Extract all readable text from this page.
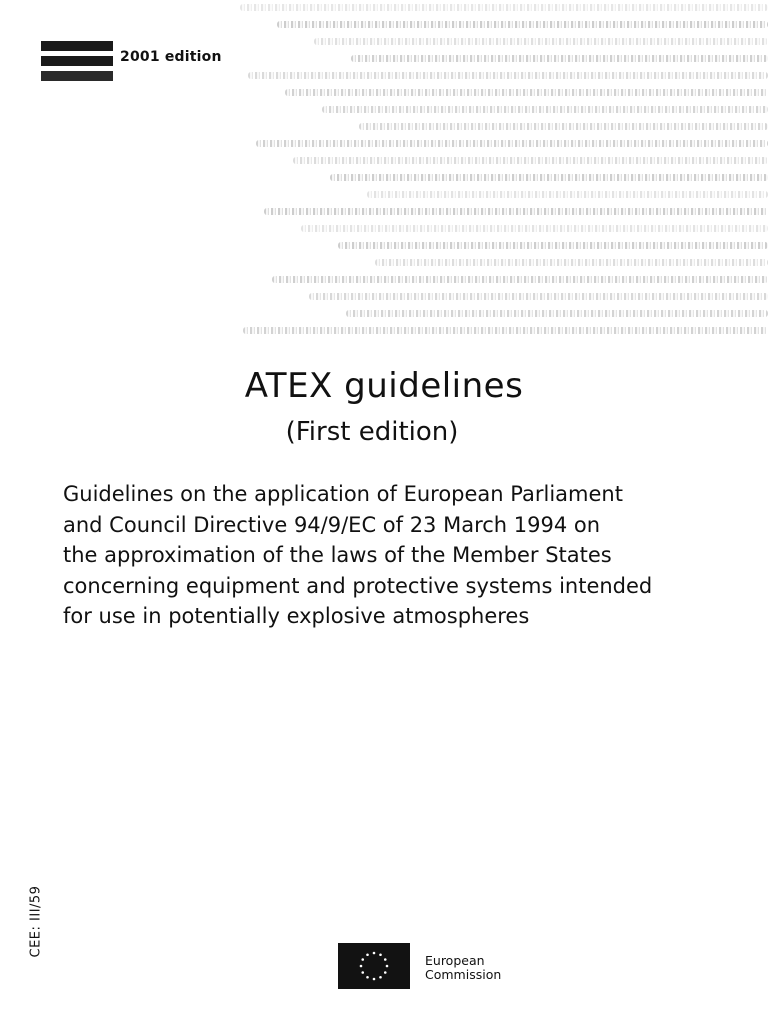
2001 edition
ATEX guidelines
(First edition)
Guidelines on the application of European Parliament
and Council Directive 94/9/EC of 23 March 1994 on
the approximation of the laws of the Member States
concerning equipment and protective systems intended
for use in potentially explosive atmospheres
CEE: III/59
European
Commission
